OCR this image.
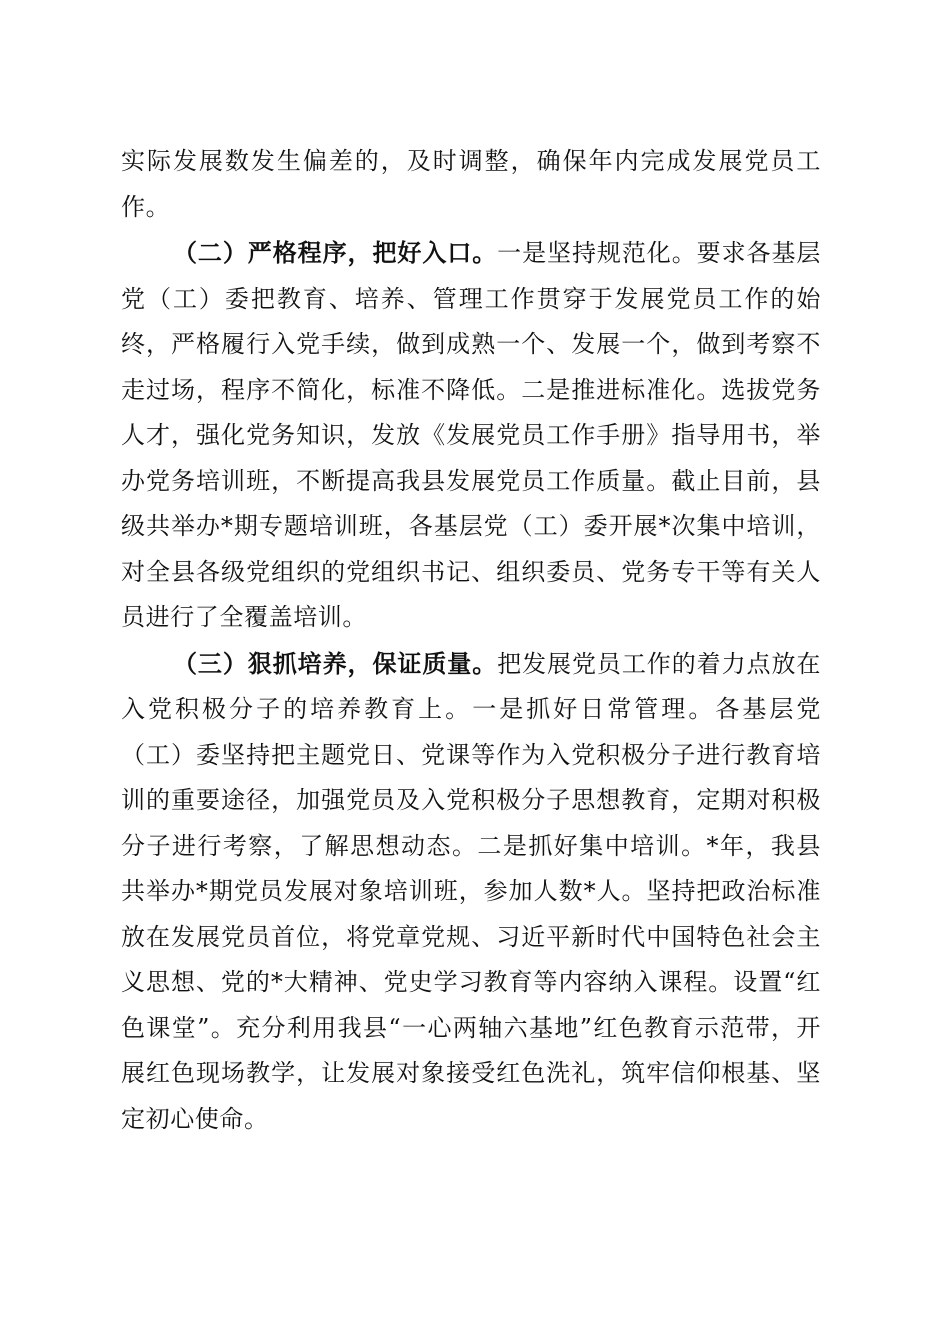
实际发展数发生偏差的，及时调整，确保年内完成发展党员工作。

（二）严格程序，把好入口。一是坚持规范化。要求各基层党（工）委把教育、培养、管理工作贯穿于发展党员工作的始终，严格履行入党手续，做到成熟一个、发展一个，做到考察不走过场，程序不简化，标准不降低。二是推进标准化。选拔党务人才，强化党务知识，发放《发展党员工作手册》指导用书，举办党务培训班，不断提高我县发展党员工作质量。截止目前，县级共举办*期专题培训班，各基层党（工）委开展*次集中培训，对全县各级党组织的党组织书记、组织委员、党务专干等有关人员进行了全覆盖培训。

（三）狠抓培养，保证质量。把发展党员工作的着力点放在入党积极分子的培养教育上。一是抓好日常管理。各基层党（工）委坚持把主题党日、党课等作为入党积极分子进行教育培训的重要途径，加强党员及入党积极分子思想教育，定期对积极分子进行考察，了解思想动态。二是抓好集中培训。*年，我县共举办*期党员发展对象培训班，参加人数*人。坚持把政治标准放在发展党员首位，将党章党规、习近平新时代中国特色社会主义思想、党的*大精神、党史学习教育等内容纳入课程。设置“红色课堂”。充分利用我县“一心两轴六基地”红色教育示范带，开展红色现场教学，让发展对象接受红色洗礼，筑牢信仰根基、坚定初心使命。
